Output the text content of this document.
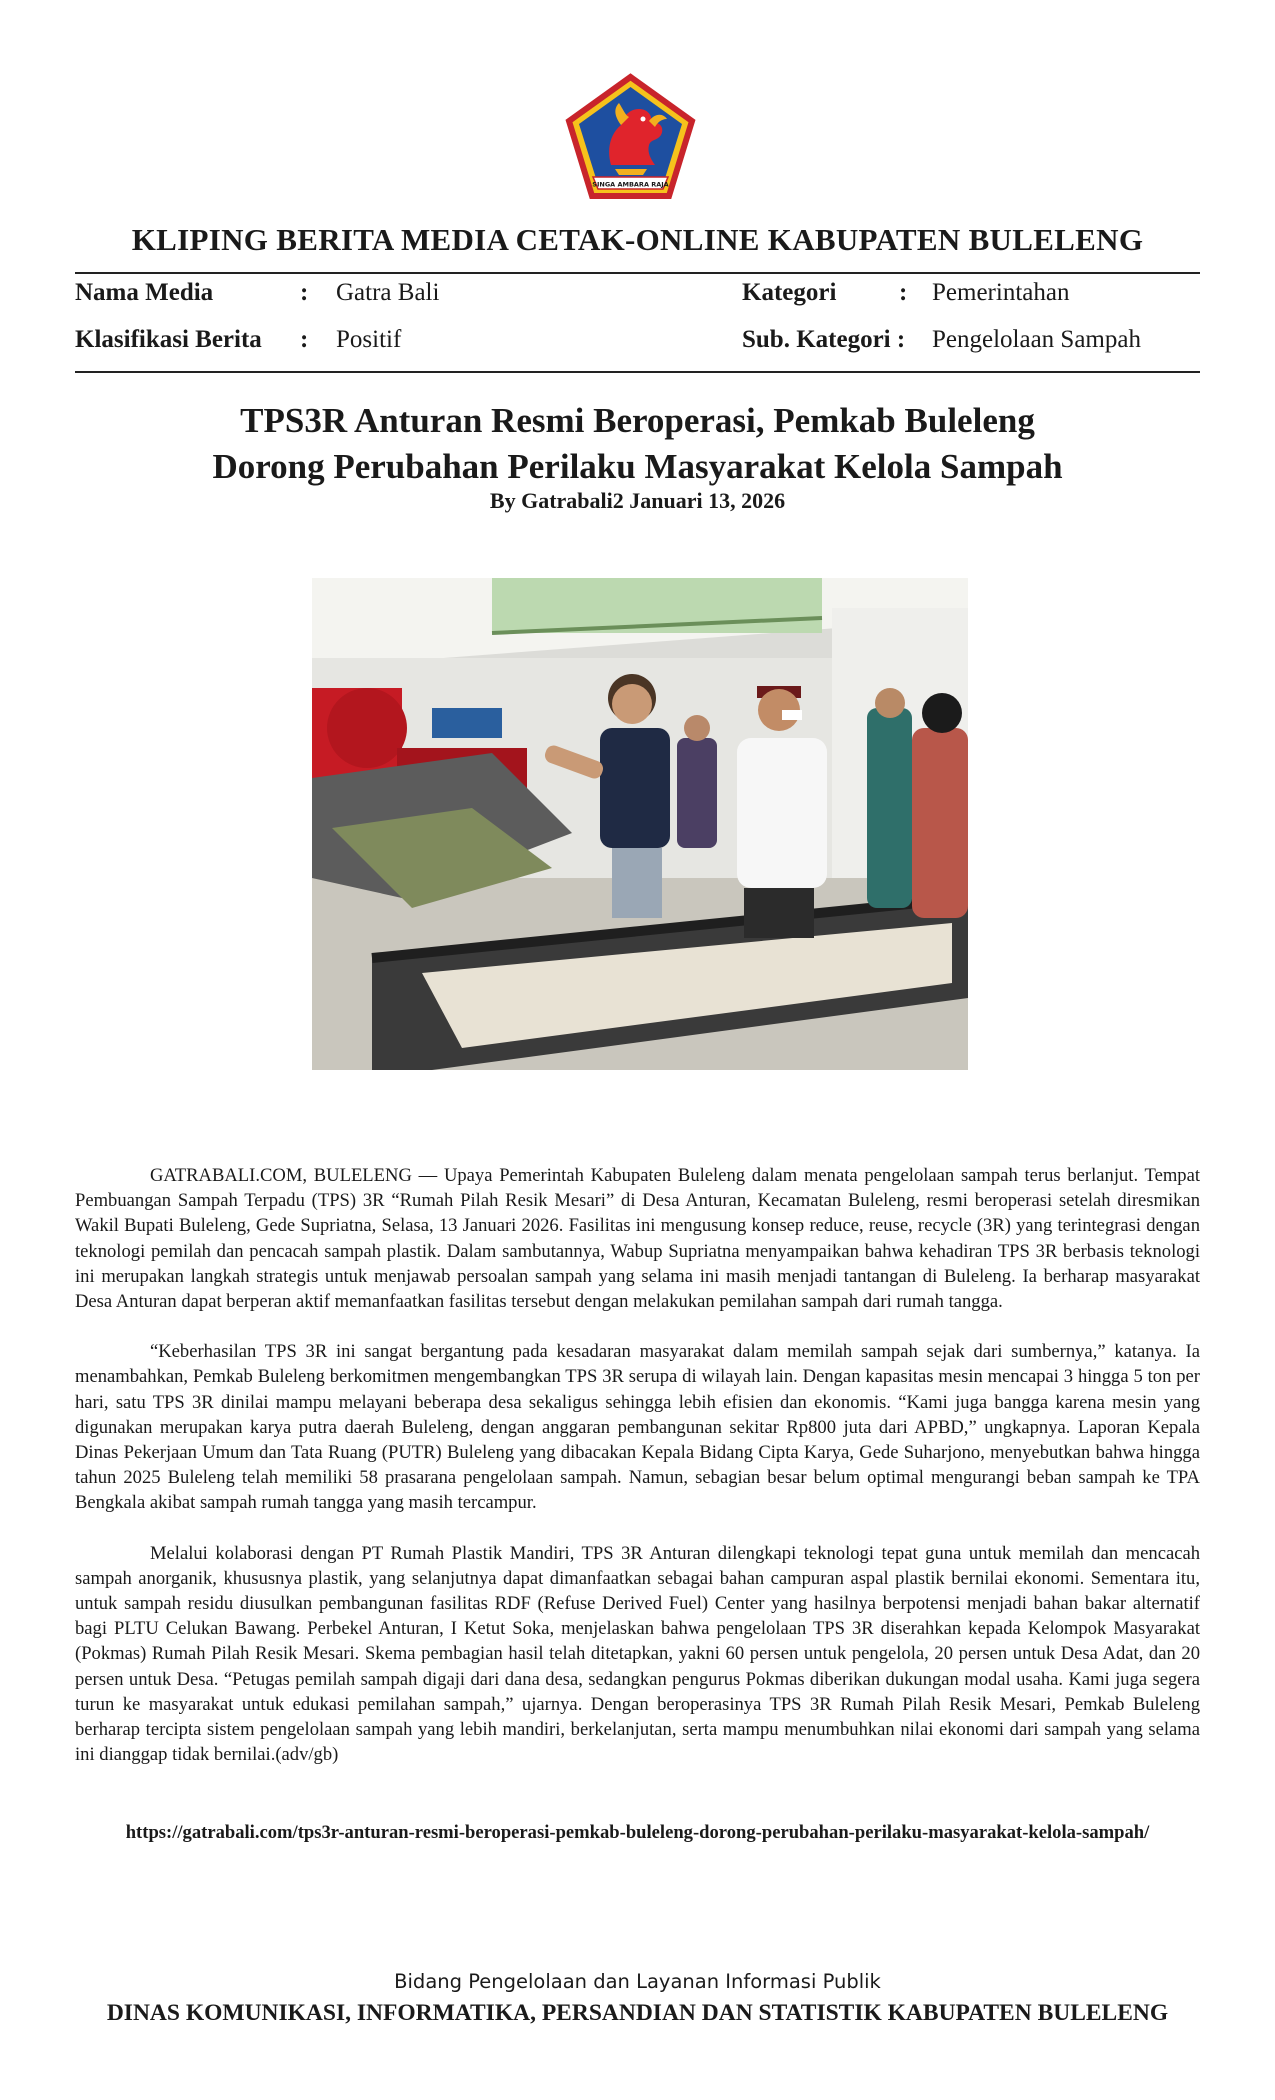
SINGA AMBARA RAJA
KLIPING BERITA MEDIA CETAK-ONLINE KABUPATEN BULELENG
Nama Media	: Gatra Bali	Kategori	: Pemerintahan
Klasifikasi Berita : Positif	Sub. Kategori : Pengelolaan Sampah
TPS3R Anturan Resmi Beroperasi, Pemkab Buleleng
Dorong Perubahan Perilaku Masyarakat Kelola Sampah
By Gatrabali2 Januari 13, 2026

GATRABALI.COM, BULELENG — Upaya Pemerintah Kabupaten Buleleng dalam menata pengelolaan sampah terus berlanjut. Tempat Pembuangan Sampah Terpadu (TPS) 3R “Rumah Pilah Resik Mesari” di Desa Anturan, Kecamatan Buleleng, resmi beroperasi setelah diresmikan Wakil Bupati Buleleng, Gede Supriatna, Selasa, 13 Januari 2026. Fasilitas ini mengusung konsep reduce, reuse, recycle (3R) yang terintegrasi dengan teknologi pemilah dan pencacah sampah plastik. Dalam sambutannya, Wabup Supriatna menyampaikan bahwa kehadiran TPS 3R berbasis teknologi ini merupakan langkah strategis untuk menjawab persoalan sampah yang selama ini masih menjadi tantangan di Buleleng. Ia berharap masyarakat Desa Anturan dapat berperan aktif memanfaatkan fasilitas tersebut dengan melakukan pemilahan sampah dari rumah tangga.

“Keberhasilan TPS 3R ini sangat bergantung pada kesadaran masyarakat dalam memilah sampah sejak dari sumbernya,” katanya. Ia menambahkan, Pemkab Buleleng berkomitmen mengembangkan TPS 3R serupa di wilayah lain. Dengan kapasitas mesin mencapai 3 hingga 5 ton per hari, satu TPS 3R dinilai mampu melayani beberapa desa sekaligus sehingga lebih efisien dan ekonomis. “Kami juga bangga karena mesin yang digunakan merupakan karya putra daerah Buleleng, dengan anggaran pembangunan sekitar Rp800 juta dari APBD,” ungkapnya. Laporan Kepala Dinas Pekerjaan Umum dan Tata Ruang (PUTR) Buleleng yang dibacakan Kepala Bidang Cipta Karya, Gede Suharjono, menyebutkan bahwa hingga tahun 2025 Buleleng telah memiliki 58 prasarana pengelolaan sampah. Namun, sebagian besar belum optimal mengurangi beban sampah ke TPA Bengkala akibat sampah rumah tangga yang masih tercampur.

Melalui kolaborasi dengan PT Rumah Plastik Mandiri, TPS 3R Anturan dilengkapi teknologi tepat guna untuk memilah dan mencacah sampah anorganik, khususnya plastik, yang selanjutnya dapat dimanfaatkan sebagai bahan campuran aspal plastik bernilai ekonomi. Sementara itu, untuk sampah residu diusulkan pembangunan fasilitas RDF (Refuse Derived Fuel) Center yang hasilnya berpotensi menjadi bahan bakar alternatif bagi PLTU Celukan Bawang. Perbekel Anturan, I Ketut Soka, menjelaskan bahwa pengelolaan TPS 3R diserahkan kepada Kelompok Masyarakat (Pokmas) Rumah Pilah Resik Mesari. Skema pembagian hasil telah ditetapkan, yakni 60 persen untuk pengelola, 20 persen untuk Desa Adat, dan 20 persen untuk Desa. “Petugas pemilah sampah digaji dari dana desa, sedangkan pengurus Pokmas diberikan dukungan modal usaha. Kami juga segera turun ke masyarakat untuk edukasi pemilahan sampah,” ujarnya. Dengan beroperasinya TPS 3R Rumah Pilah Resik Mesari, Pemkab Buleleng berharap tercipta sistem pengelolaan sampah yang lebih mandiri, berkelanjutan, serta mampu menumbuhkan nilai ekonomi dari sampah yang selama ini dianggap tidak bernilai.(adv/gb)

https://gatrabali.com/tps3r-anturan-resmi-beroperasi-pemkab-buleleng-dorong-perubahan-perilaku-masyarakat-kelola-sampah/
Bidang Pengelolaan dan Layanan Informasi Publik
DINAS KOMUNIKASI, INFORMATIKA, PERSANDIAN DAN STATISTIK KABUPATEN BULELENG
